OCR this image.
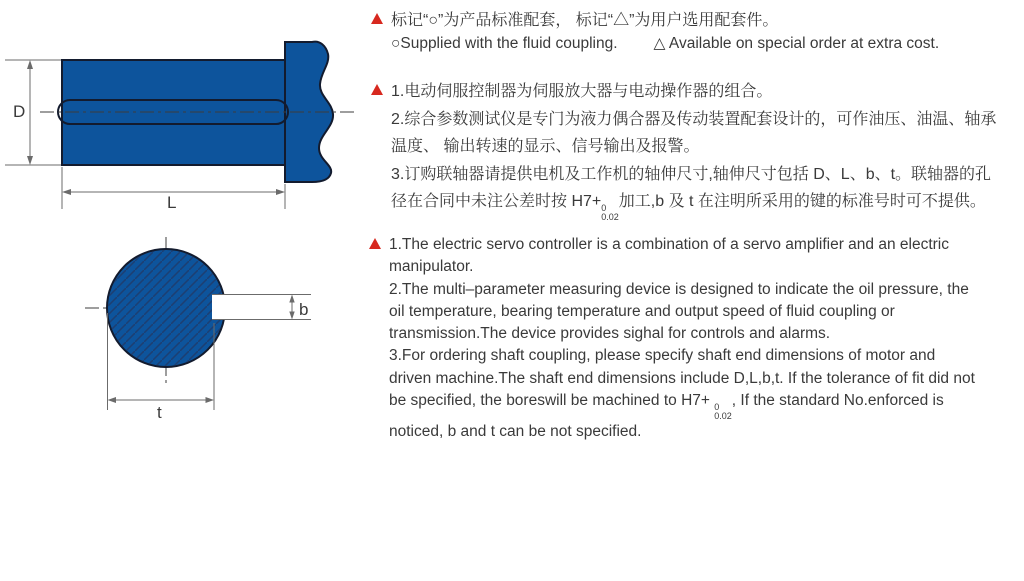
D
L
b
t
标记“○”为产品标准配套， 标记“△”为用户选用配套件。
○Supplied with the fluid coupling. △ Available on special order at extra cost.
1.电动伺服控制器为伺服放大器与电动操作器的组合。
2.综合参数测试仪是专门为液力偶合器及传动装置配套设计的，可作油压、油温、轴承
温度、 输出转速的显示、信号输出及报警。
3.订购联轴器请提供电机及工作机的轴伸尺寸,轴伸尺寸包括 D、L、b、t。联轴器的孔
径在合同中未注公差时按 H7+ 0
0.02
加工,b 及 t 在注明所采用的键的标准号时可不提供。
1.The electric servo controller is a combination of a servo amplifier and an electric
manipulator.
2.The multi–parameter measuring device is designed to indicate the oil pressure, the
oil temperature, bearing temperature and output speed of fluid coupling or
transmission.The device provides sighal for controls and alarms.
3.For ordering shaft coupling, please specify shaft end dimensions of motor and
driven machine.The shaft end dimensions include D,L,b,t. If the tolerance of fit did not
be specified, the boreswill be machined to H7+ 0
0.02
, If the standard No.enforced is
noticed, b and t can be not specified.
